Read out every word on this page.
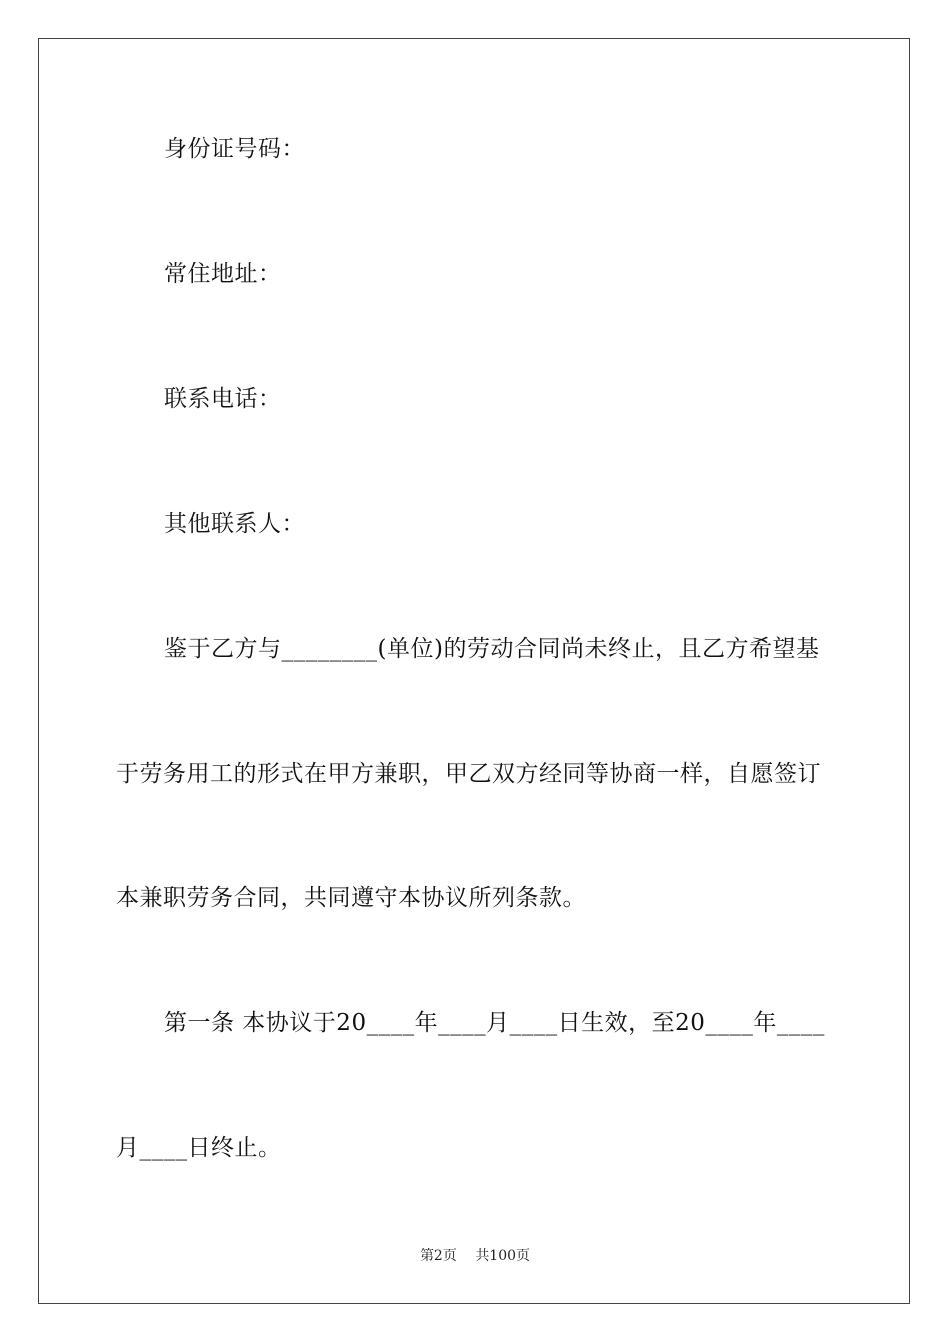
身份证号码：
常住地址：
联系电话：
其他联系人：
鉴于乙方与________(单位)的劳动合同尚未终止，且乙方希望基
于劳务用工的形式在甲方兼职，甲乙双方经同等协商一样，自愿签订
本兼职劳务合同，共同遵守本协议所列条款。
第一条 本协议于20____年____月____日生效，至20____年____
月____日终止。
第2页 共100页
